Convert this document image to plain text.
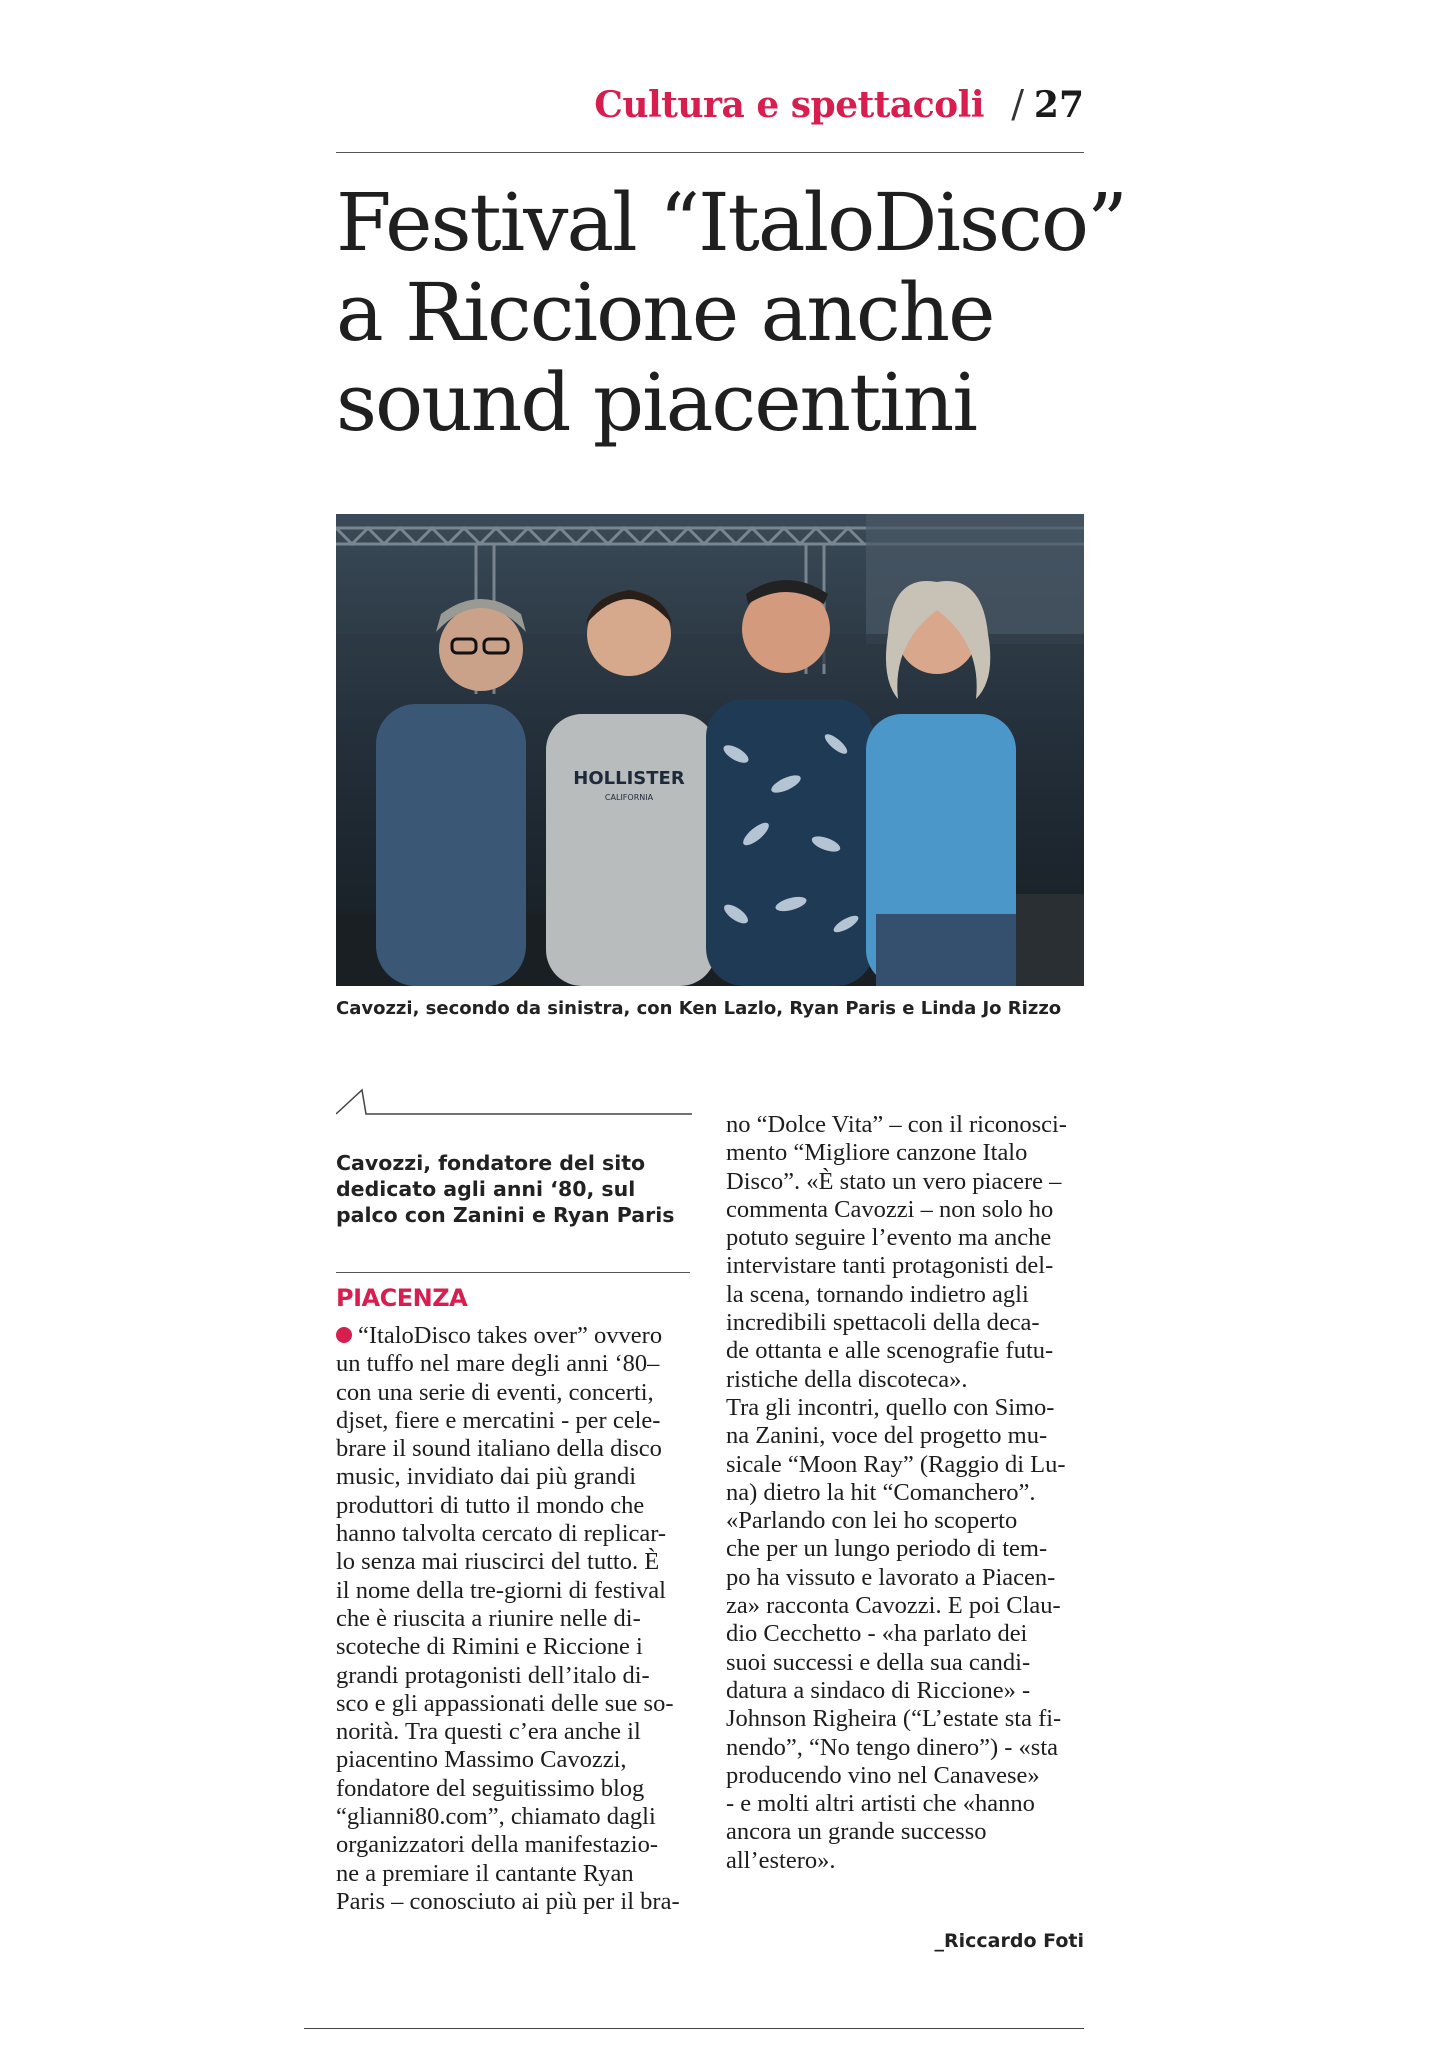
Cultura e spettacoli / 27
Festival “ItaloDisco”
a Riccione anche
sound piacentini
HOLLISTER
CALIFORNIA
Cavozzi, secondo da sinistra, con Ken Lazlo, Ryan Paris e Linda Jo Rizzo
Cavozzi, fondatore del sito
dedicato agli anni ‘80, sul
palco con Zanini e Ryan Paris
PIACENZA
“ItaloDisco takes over” ovvero
un tuffo nel mare degli anni ‘80–
con una serie di eventi, concerti,
djset, fiere e mercatini - per cele-
brare il sound italiano della disco
music, invidiato dai più grandi
produttori di tutto il mondo che
hanno talvolta cercato di replicar-
lo senza mai riuscirci del tutto. È
il nome della tre-giorni di festival
che è riuscita a riunire nelle di-
scoteche di Rimini e Riccione i
grandi protagonisti dell’italo di-
sco e gli appassionati delle sue so-
norità. Tra questi c’era anche il
piacentino Massimo Cavozzi,
fondatore del seguitissimo blog
“glianni80.com”, chiamato dagli
organizzatori della manifestazio-
ne a premiare il cantante Ryan
Paris – conosciuto ai più per il bra-
no “Dolce Vita” – con il riconosci-
mento “Migliore canzone Italo
Disco”. «È stato un vero piacere –
commenta Cavozzi – non solo ho
potuto seguire l’evento ma anche
intervistare tanti protagonisti del-
la scena, tornando indietro agli
incredibili spettacoli della deca-
de ottanta e alle scenografie futu-
ristiche della discoteca».
Tra gli incontri, quello con Simo-
na Zanini, voce del progetto mu-
sicale “Moon Ray” (Raggio di Lu-
na) dietro la hit “Comanchero”.
«Parlando con lei ho scoperto
che per un lungo periodo di tem-
po ha vissuto e lavorato a Piacen-
za» racconta Cavozzi. E poi Clau-
dio Cecchetto - «ha parlato dei
suoi successi e della sua candi-
datura a sindaco di Riccione» -
Johnson Righeira (“L’estate sta fi-
nendo”, “No tengo dinero”) - «sta
producendo vino nel Canavese»
- e molti altri artisti che «hanno
ancora un grande successo
all’estero».
_Riccardo Foti
